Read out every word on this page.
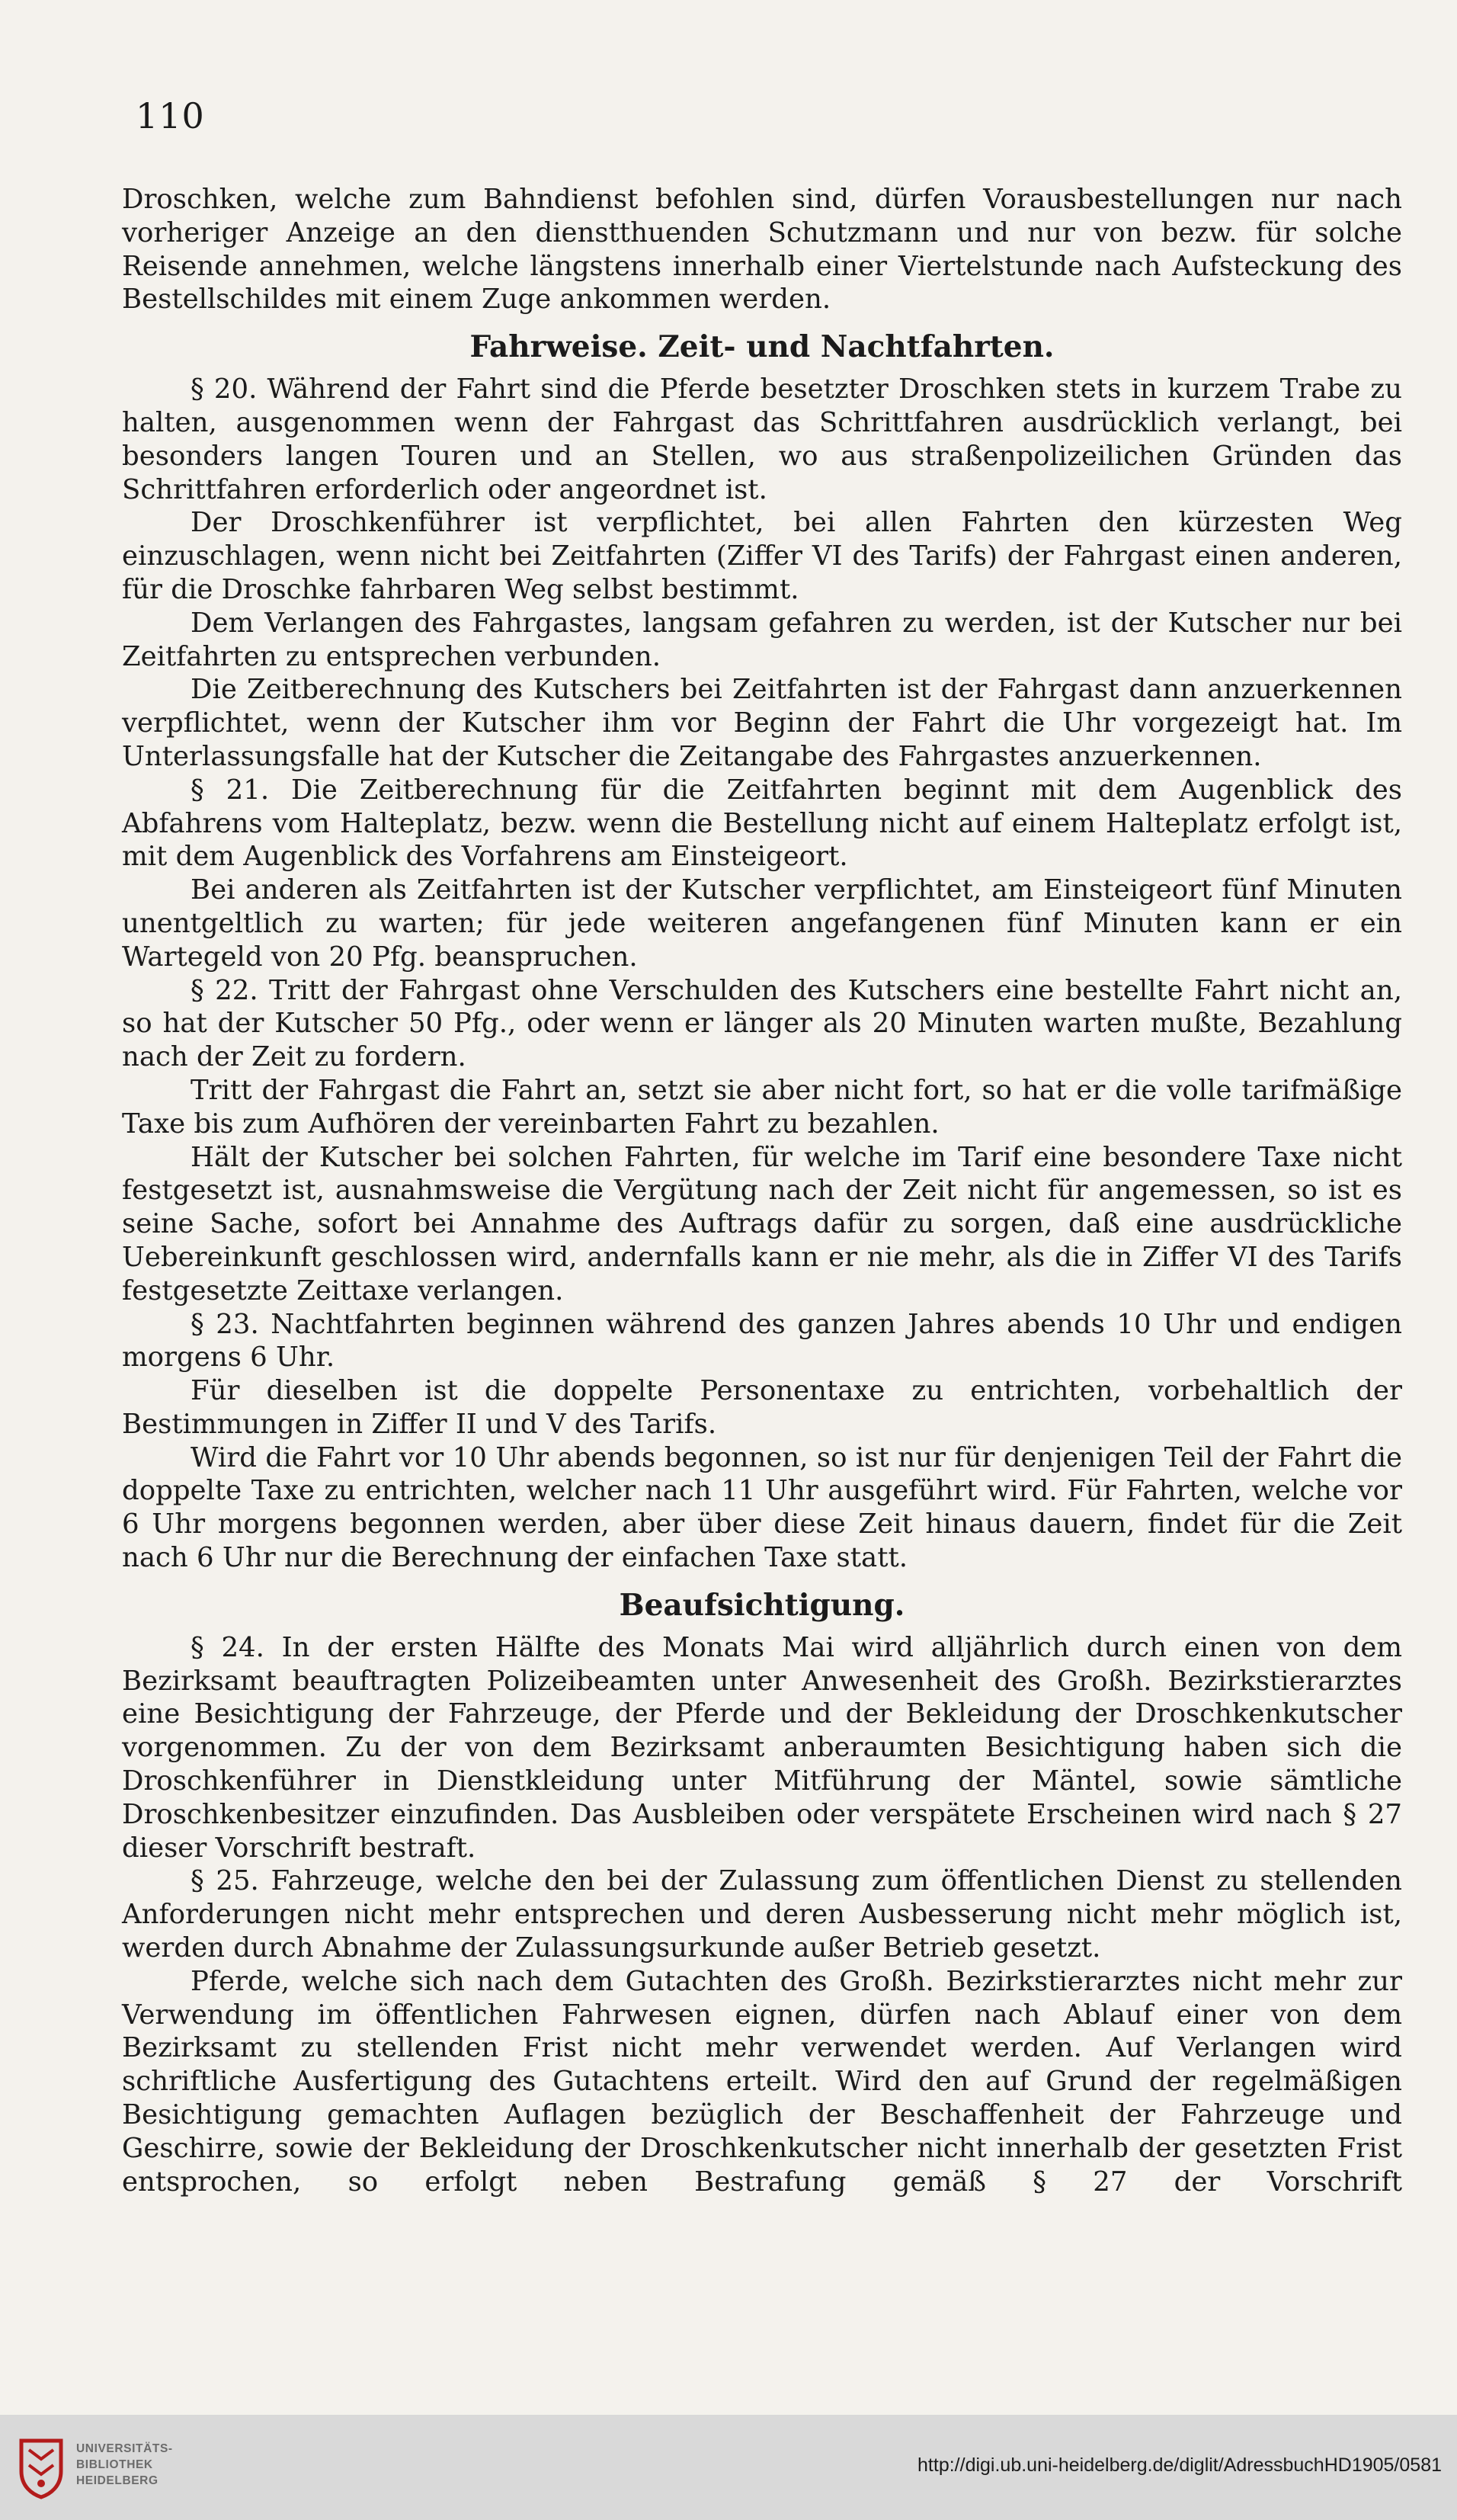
110

Droschken, welche zum Bahndienst befohlen sind, dürfen Vorausbestellungen nur nach vorheriger Anzeige an den dienstthuenden Schutzmann und nur von bezw. für solche Reisende annehmen, welche längstens innerhalb einer Viertelstunde nach Aufsteckung des Bestellschildes mit einem Zuge ankommen werden.

Fahrweise. Zeit- und Nachtfahrten.

§ 20. Während der Fahrt sind die Pferde besetzter Droschken stets in kurzem Trabe zu halten, ausgenommen wenn der Fahrgast das Schrittfahren ausdrücklich verlangt, bei besonders langen Touren und an Stellen, wo aus straßenpolizeilichen Gründen das Schrittfahren erforderlich oder angeordnet ist.

Der Droschkenführer ist verpflichtet, bei allen Fahrten den kürzesten Weg einzuschlagen, wenn nicht bei Zeitfahrten (Ziffer VI des Tarifs) der Fahrgast einen anderen, für die Droschke fahrbaren Weg selbst bestimmt.

Dem Verlangen des Fahrgastes, langsam gefahren zu werden, ist der Kutscher nur bei Zeitfahrten zu entsprechen verbunden.

Die Zeitberechnung des Kutschers bei Zeitfahrten ist der Fahrgast dann anzuerkennen verpflichtet, wenn der Kutscher ihm vor Beginn der Fahrt die Uhr vorgezeigt hat. Im Unterlassungsfalle hat der Kutscher die Zeitangabe des Fahrgastes anzuerkennen.

§ 21. Die Zeitberechnung für die Zeitfahrten beginnt mit dem Augenblick des Abfahrens vom Halteplatz, bezw. wenn die Bestellung nicht auf einem Halteplatz erfolgt ist, mit dem Augenblick des Vorfahrens am Einsteigeort.

Bei anderen als Zeitfahrten ist der Kutscher verpflichtet, am Einsteigeort fünf Minuten unentgeltlich zu warten; für jede weiteren angefangenen fünf Minuten kann er ein Wartegeld von 20 Pfg. beanspruchen.

§ 22. Tritt der Fahrgast ohne Verschulden des Kutschers eine bestellte Fahrt nicht an, so hat der Kutscher 50 Pfg., oder wenn er länger als 20 Minuten warten mußte, Bezahlung nach der Zeit zu fordern.

Tritt der Fahrgast die Fahrt an, setzt sie aber nicht fort, so hat er die volle tarifmäßige Taxe bis zum Aufhören der vereinbarten Fahrt zu bezahlen.

Hält der Kutscher bei solchen Fahrten, für welche im Tarif eine besondere Taxe nicht festgesetzt ist, ausnahmsweise die Vergütung nach der Zeit nicht für angemessen, so ist es seine Sache, sofort bei Annahme des Auftrags dafür zu sorgen, daß eine ausdrückliche Uebereinkunft geschlossen wird, andernfalls kann er nie mehr, als die in Ziffer VI des Tarifs festgesetzte Zeittaxe verlangen.

§ 23. Nachtfahrten beginnen während des ganzen Jahres abends 10 Uhr und endigen morgens 6 Uhr.

Für dieselben ist die doppelte Personentaxe zu entrichten, vorbehaltlich der Bestimmungen in Ziffer II und V des Tarifs.

Wird die Fahrt vor 10 Uhr abends begonnen, so ist nur für denjenigen Teil der Fahrt die doppelte Taxe zu entrichten, welcher nach 11 Uhr ausgeführt wird. Für Fahrten, welche vor 6 Uhr morgens begonnen werden, aber über diese Zeit hinaus dauern, findet für die Zeit nach 6 Uhr nur die Berechnung der einfachen Taxe statt.

Beaufsichtigung.

§ 24. In der ersten Hälfte des Monats Mai wird alljährlich durch einen von dem Bezirksamt beauftragten Polizeibeamten unter Anwesenheit des Großh. Bezirkstierarztes eine Besichtigung der Fahrzeuge, der Pferde und der Bekleidung der Droschkenkutscher vorgenommen. Zu der von dem Bezirksamt anberaumten Besichtigung haben sich die Droschkenführer in Dienstkleidung unter Mitführung der Mäntel, sowie sämtliche Droschkenbesitzer einzufinden. Das Ausbleiben oder verspätete Erscheinen wird nach § 27 dieser Vorschrift bestraft.

§ 25. Fahrzeuge, welche den bei der Zulassung zum öffentlichen Dienst zu stellenden Anforderungen nicht mehr entsprechen und deren Ausbesserung nicht mehr möglich ist, werden durch Abnahme der Zulassungsurkunde außer Betrieb gesetzt.

Pferde, welche sich nach dem Gutachten des Großh. Bezirkstierarztes nicht mehr zur Verwendung im öffentlichen Fahrwesen eignen, dürfen nach Ablauf einer von dem Bezirksamt zu stellenden Frist nicht mehr verwendet werden. Auf Verlangen wird schriftliche Ausfertigung des Gutachtens erteilt. Wird den auf Grund der regelmäßigen Besichtigung gemachten Auflagen bezüglich der Beschaffenheit der Fahrzeuge und Geschirre, sowie der Bekleidung der Droschkenkutscher nicht innerhalb der gesetzten Frist entsprochen, so erfolgt neben Bestrafung gemäß § 27 der Vorschrift

UNIVERSITÄTS-
BIBLIOTHEK
HEIDELBERG
http://digi.ub.uni-heidelberg.de/diglit/AdressbuchHD1905/0581
